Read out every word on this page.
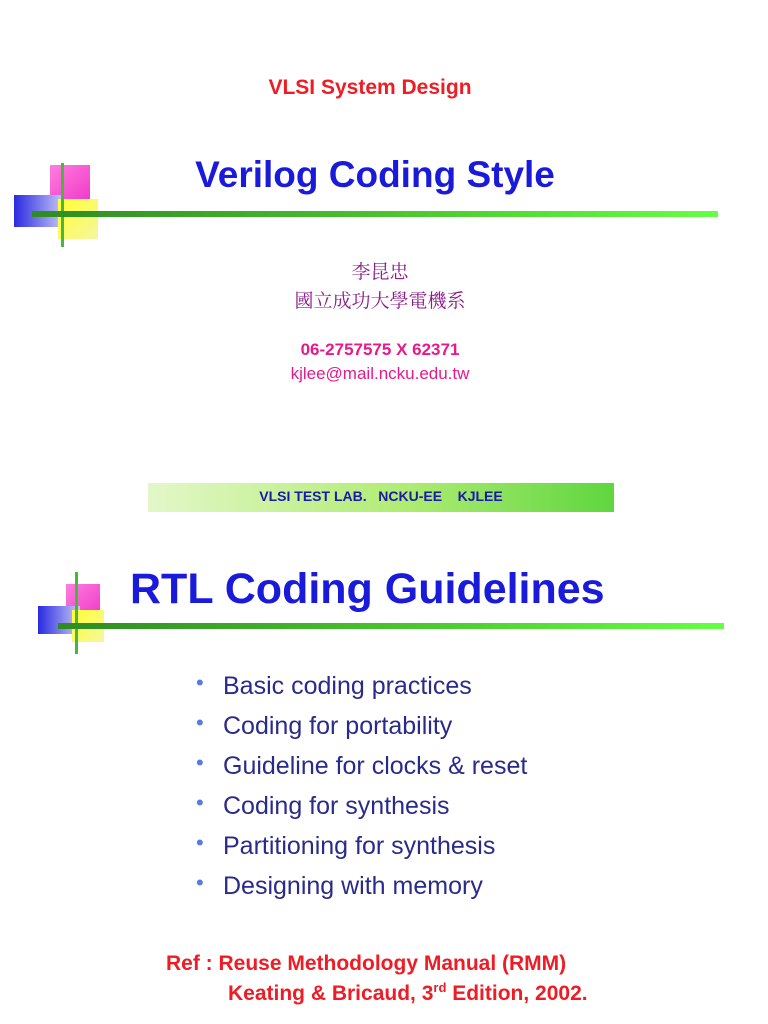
VLSI System Design
Verilog Coding Style
李昆忠
國立成功大學電機系
06-2757575 X 62371
kjlee@mail.ncku.edu.tw
VLSI TEST LAB.   NCKU-EE    KJLEE
RTL Coding Guidelines
• Basic coding practices
• Coding for portability
• Guideline for clocks & reset
• Coding for synthesis
• Partitioning for synthesis
• Designing with memory
Ref : Reuse Methodology Manual (RMM)
Keating & Bricaud, 3rd Edition, 2002.
